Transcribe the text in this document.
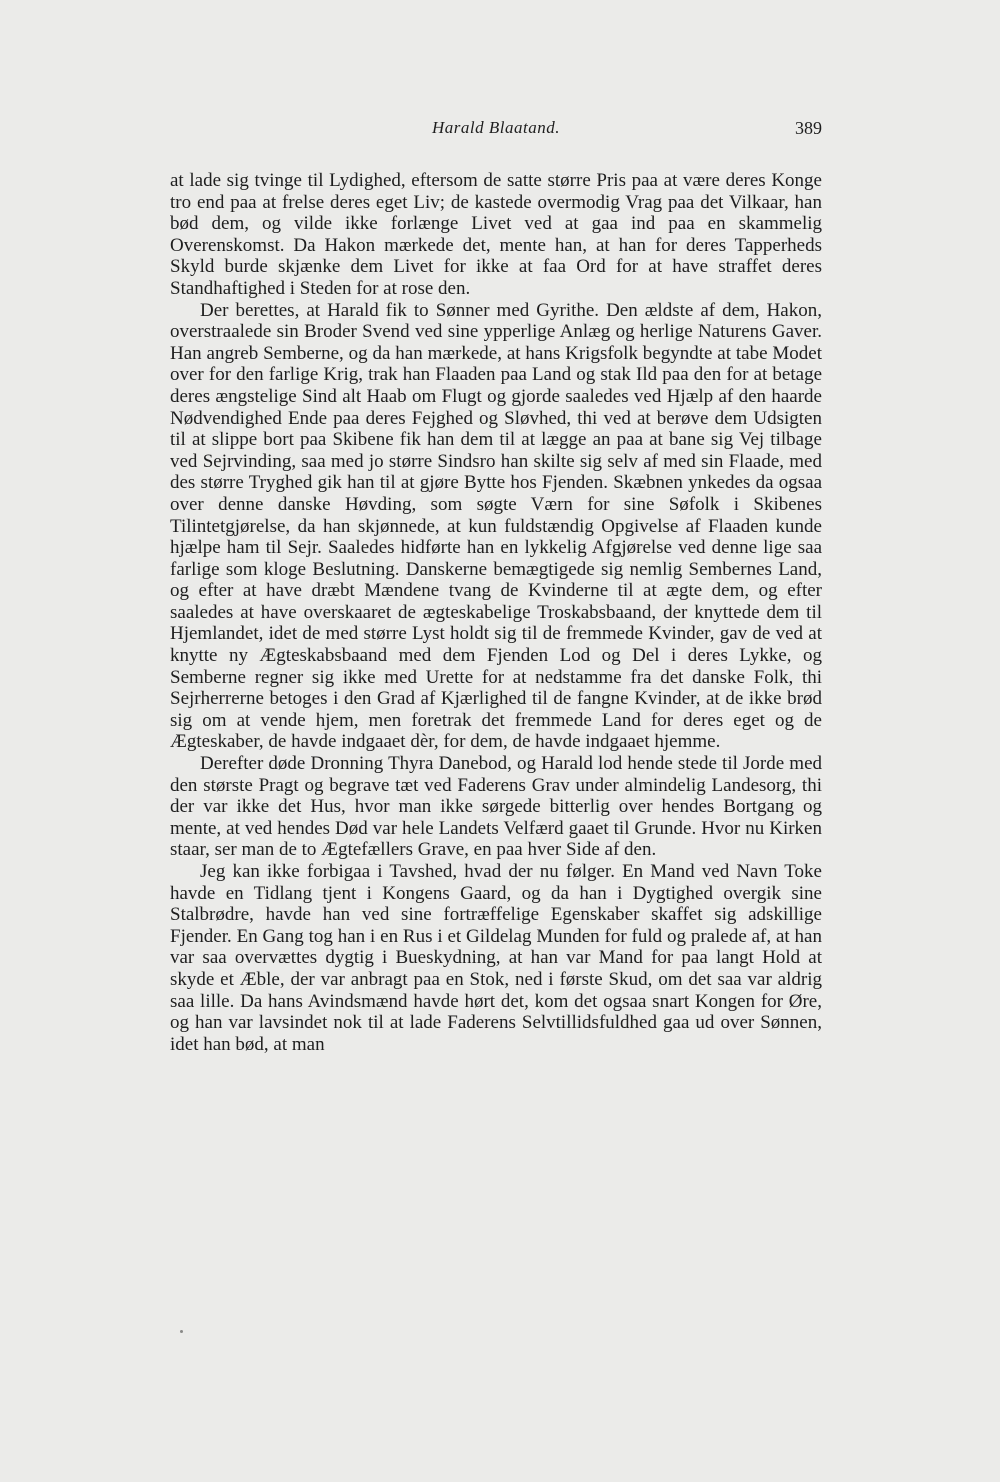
Harald Blaatand.	389

at lade sig tvinge til Lydighed, eftersom de satte større Pris paa at være deres Konge tro end paa at frelse deres eget Liv; de kastede overmodig Vrag paa det Vilkaar, han bød dem, og vilde ikke forlænge Livet ved at gaa ind paa en skammelig Overenskomst. Da Hakon mærkede det, mente han, at han for deres Tapperheds Skyld burde skjænke dem Livet for ikke at faa Ord for at have straffet deres Standhaftighed i Steden for at rose den.

Der berettes, at Harald fik to Sønner med Gyrithe. Den ældste af dem, Hakon, overstraalede sin Broder Svend ved sine ypperlige Anlæg og herlige Naturens Gaver. Han angreb Semberne, og da han mærkede, at hans Krigsfolk begyndte at tabe Modet over for den farlige Krig, trak han Flaaden paa Land og stak Ild paa den for at betage deres ængstelige Sind alt Haab om Flugt og gjorde saaledes ved Hjælp af den haarde Nødvendighed Ende paa deres Fejghed og Sløvhed, thi ved at berøve dem Udsigten til at slippe bort paa Skibene fik han dem til at lægge an paa at bane sig Vej tilbage ved Sejrvinding, saa med jo større Sindsro han skilte sig selv af med sin Flaade, med des større Tryghed gik han til at gjøre Bytte hos Fjenden. Skæbnen ynkedes da ogsaa over denne danske Høvding, som søgte Værn for sine Søfolk i Skibenes Tilintetgjørelse, da han skjønnede, at kun fuldstændig Opgivelse af Flaaden kunde hjælpe ham til Sejr. Saaledes hidførte han en lykkelig Afgjørelse ved denne lige saa farlige som kloge Beslutning. Danskerne bemægtigede sig nemlig Sembernes Land, og efter at have dræbt Mændene tvang de Kvinderne til at ægte dem, og efter saaledes at have overskaaret de ægteskabelige Troskabsbaand, der knyttede dem til Hjemlandet, idet de med større Lyst holdt sig til de fremmede Kvinder, gav de ved at knytte ny Ægteskabsbaand med dem Fjenden Lod og Del i deres Lykke, og Semberne regner sig ikke med Urette for at nedstamme fra det danske Folk, thi Sejrherrerne betoges i den Grad af Kjærlighed til de fangne Kvinder, at de ikke brød sig om at vende hjem, men foretrak det fremmede Land for deres eget og de Ægteskaber, de havde indgaaet dèr, for dem, de havde indgaaet hjemme.

Derefter døde Dronning Thyra Danebod, og Harald lod hende stede til Jorde med den største Pragt og begrave tæt ved Faderens Grav under almindelig Landesorg, thi der var ikke det Hus, hvor man ikke sørgede bitterlig over hendes Bortgang og mente, at ved hendes Død var hele Landets Velfærd gaaet til Grunde. Hvor nu Kirken staar, ser man de to Ægtefællers Grave, en paa hver Side af den.

Jeg kan ikke forbigaa i Tavshed, hvad der nu følger. En Mand ved Navn Toke havde en Tidlang tjent i Kongens Gaard, og da han i Dygtighed overgik sine Stalbrødre, havde han ved sine fortræffelige Egenskaber skaffet sig adskillige Fjender. En Gang tog han i en Rus i et Gildelag Munden for fuld og pralede af, at han var saa overvættes dygtig i Bueskydning, at han var Mand for paa langt Hold at skyde et Æble, der var anbragt paa en Stok, ned i første Skud, om det saa var aldrig saa lille. Da hans Avindsmænd havde hørt det, kom det ogsaa snart Kongen for Øre, og han var lavsindet nok til at lade Faderens Selvtillidsfuldhed gaa ud over Sønnen, idet han bød, at man
